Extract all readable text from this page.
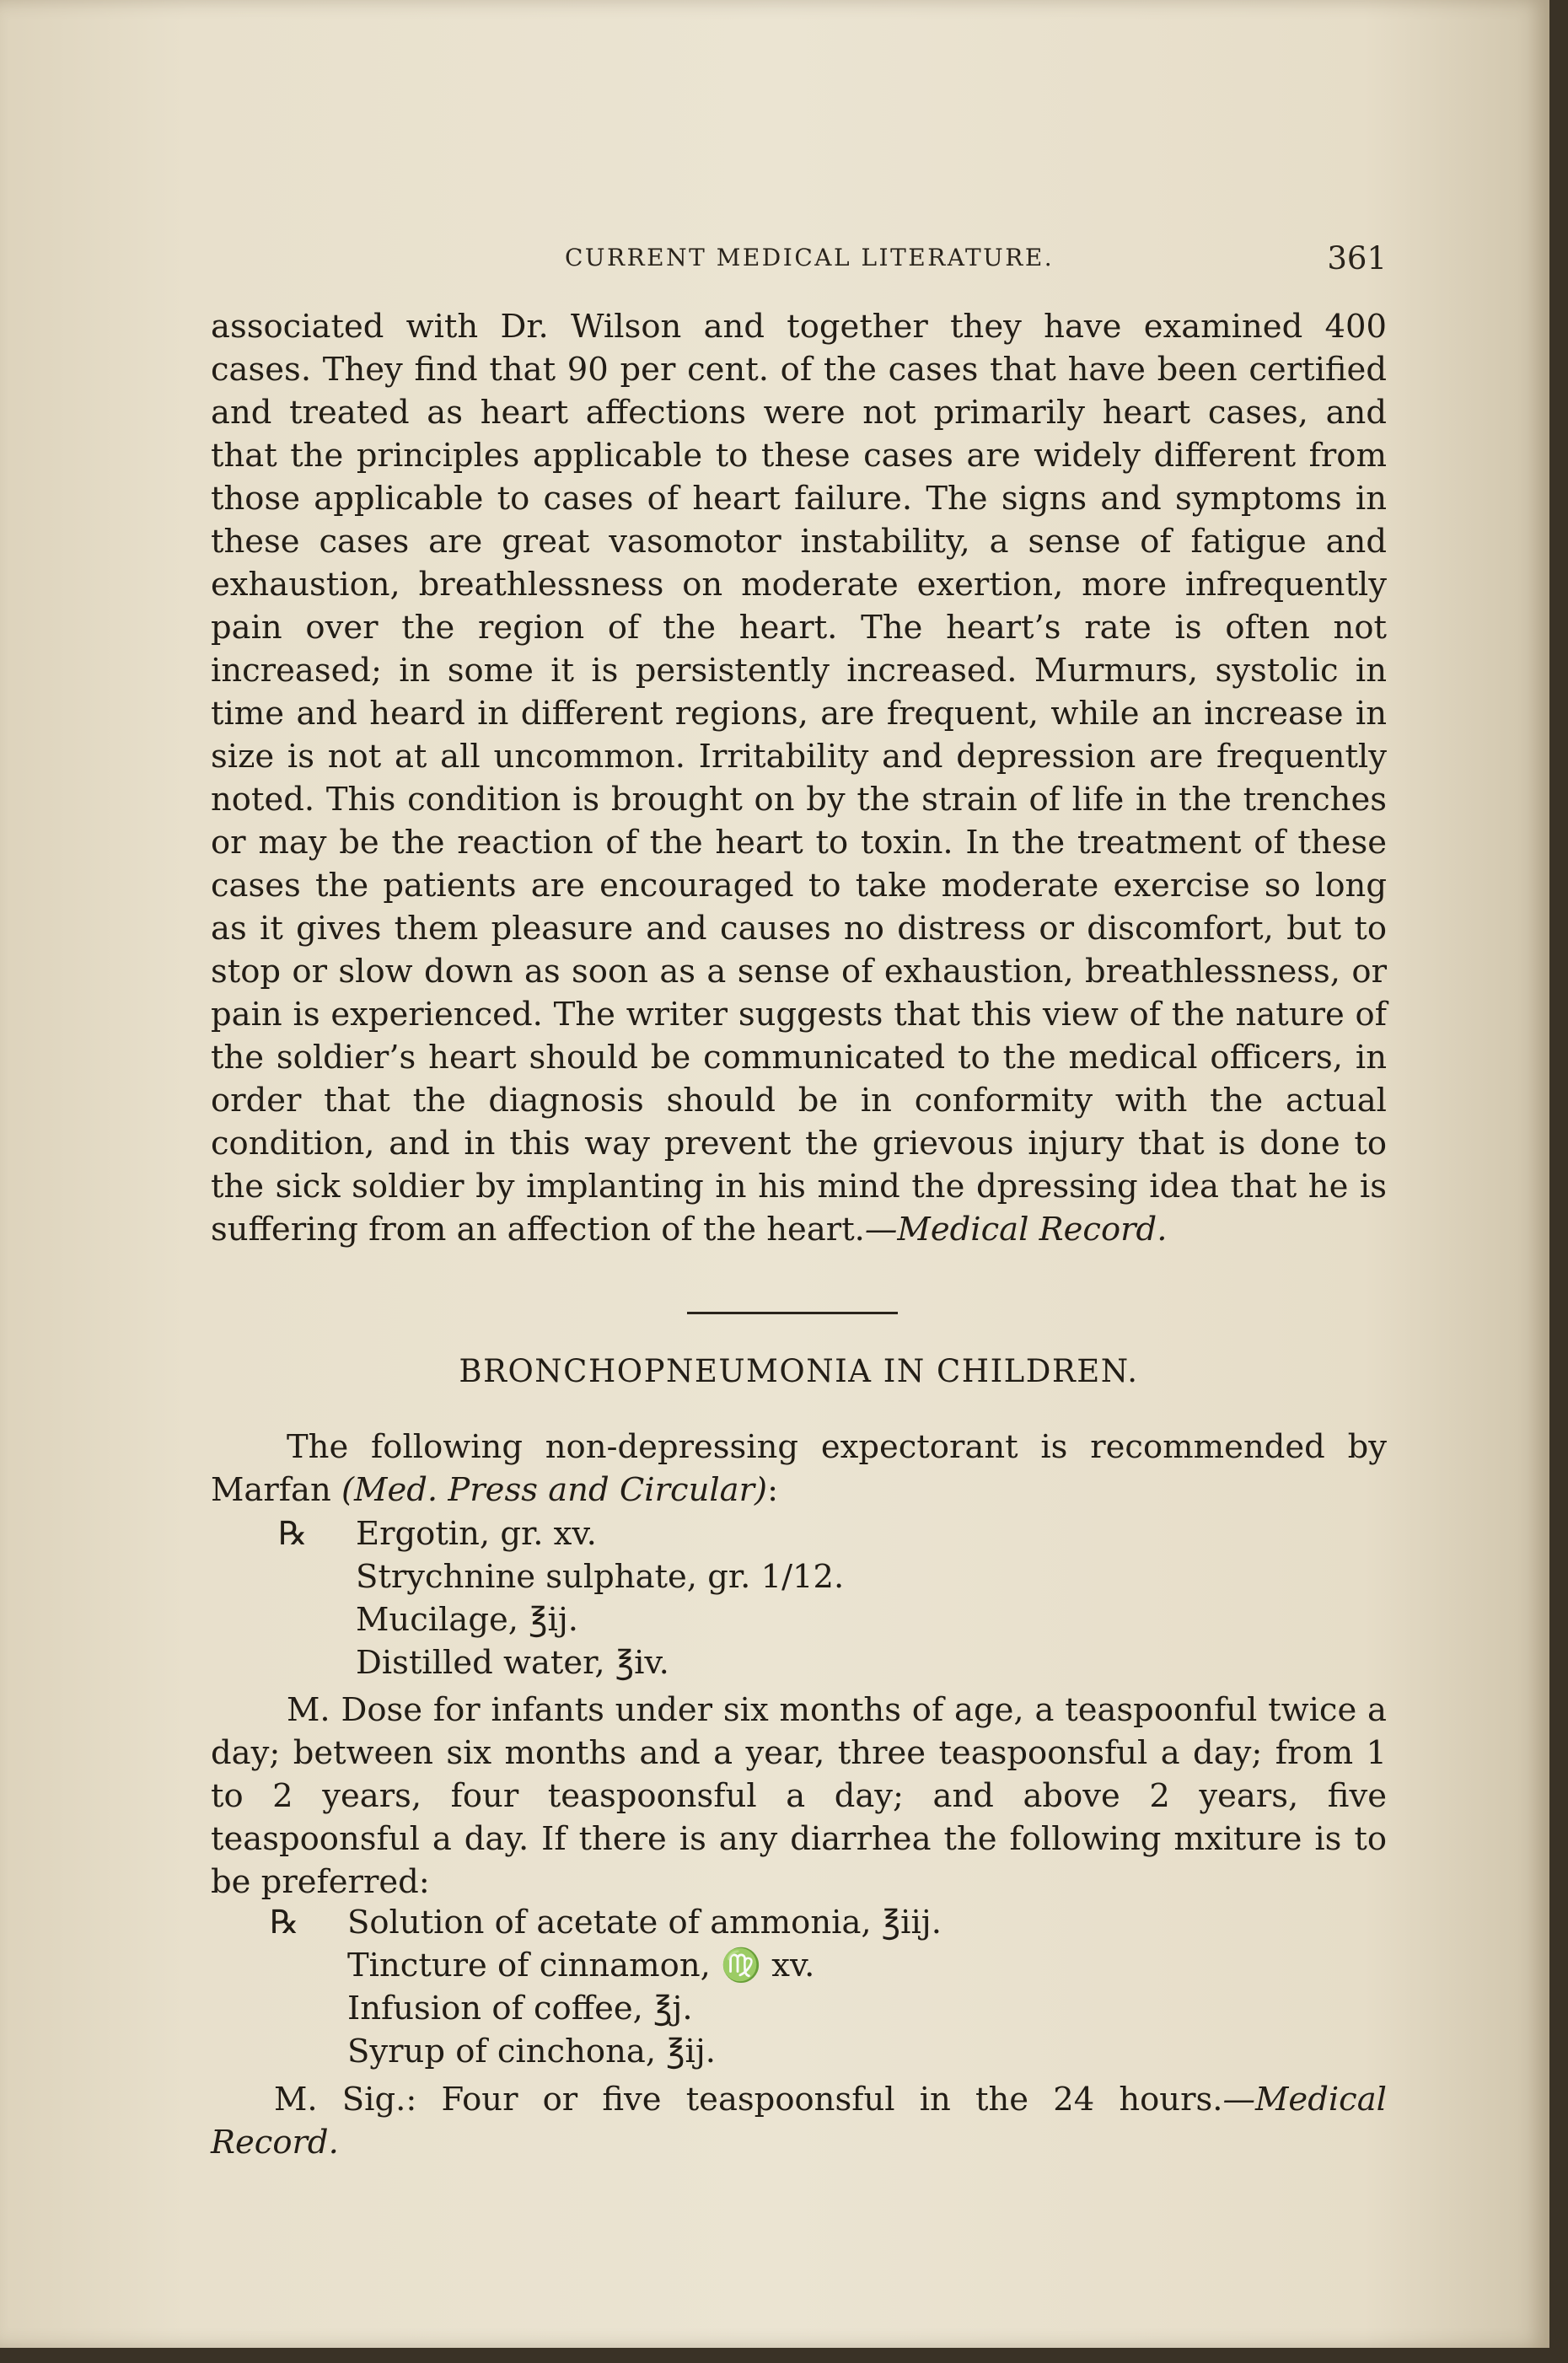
CURRENT MEDICAL LITERATURE.	361

associated with Dr. Wilson and together they have examined 400 cases. They find that 90 per cent. of the cases that have been certified and treated as heart affections were not primarily heart cases, and that the principles applicable to these cases are widely different from those applicable to cases of heart failure. The signs and symptoms in these cases are great vasomotor instability, a sense of fatigue and exhaustion, breathlessness on moderate exertion, more infrequently pain over the region of the heart. The heart’s rate is often not increased; in some it is persistently increased. Murmurs, systolic in time and heard in different regions, are frequent, while an increase in size is not at all uncommon. Irritability and depression are frequently noted. This condition is brought on by the strain of life in the trenches or may be the reaction of the heart to toxin. In the treatment of these cases the patients are encouraged to take moderate exercise so long as it gives them pleasure and causes no distress or discomfort, but to stop or slow down as soon as a sense of exhaustion, breathlessness, or pain is experienced. The writer suggests that this view of the nature of the soldier’s heart should be communicated to the medical officers, in order that the diagnosis should be in conformity with the actual condition, and in this way prevent the grievous injury that is done to the sick soldier by implanting in his mind the dpressing idea that he is suffering from an affection of the heart.—Medical Record.

BRONCHOPNEUMONIA IN CHILDREN.

The following non-depressing expectorant is recommended by Marfan (Med. Press and Circular):

℞ Ergotin, gr. xv.
Strychnine sulphate, gr. 1/12.
Mucilage, ℥ij.
Distilled water, ℥iv.

M. Dose for infants under six months of age, a teaspoonful twice a day; between six months and a year, three teaspoonsful a day; from 1 to 2 years, four teaspoonsful a day; and above 2 years, five teaspoonsful a day. If there is any diarrhea the following mxiture is to be preferred:

℞ Solution of acetate of ammonia, ℥iij.
Tincture of cinnamon, ♍ xv.
Infusion of coffee, ℥j.
Syrup of cinchona, ℥ij.

M. Sig.: Four or five teaspoonsful in the 24 hours.—Medical Record.
